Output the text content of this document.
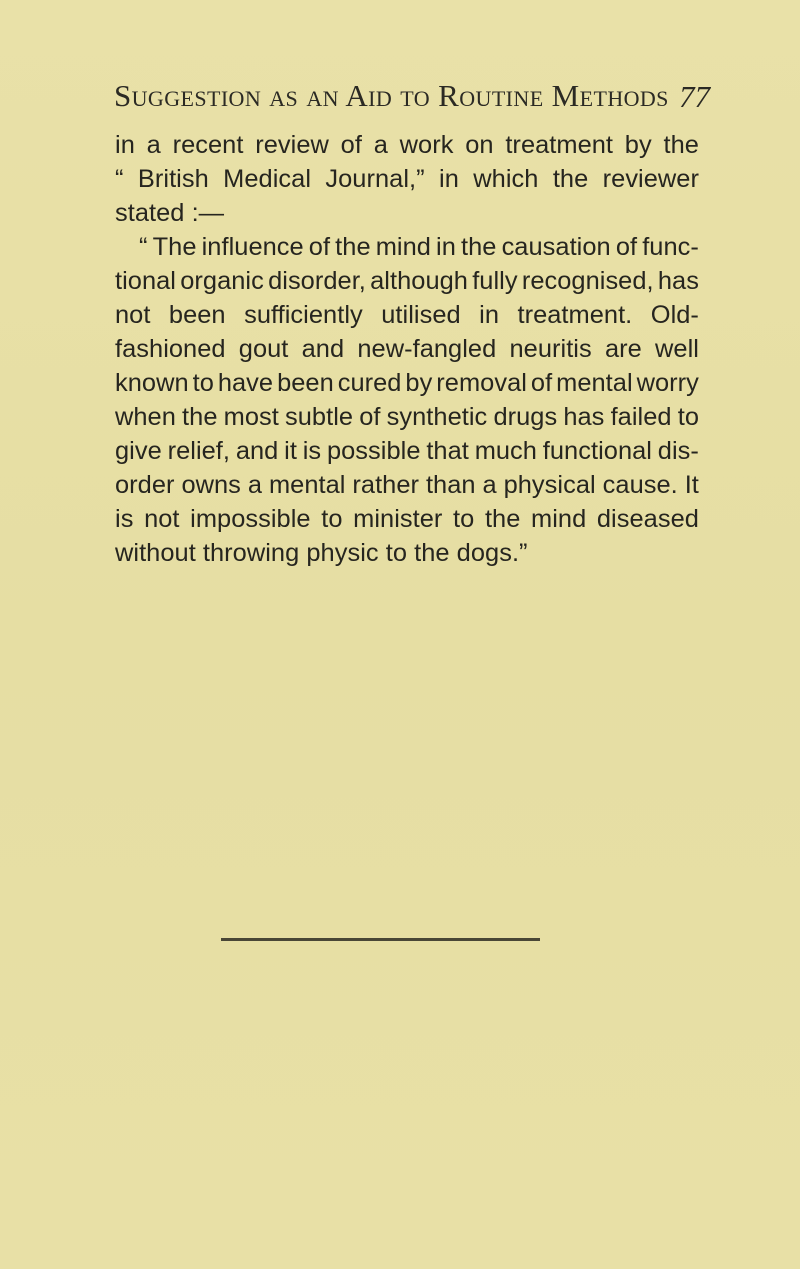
Suggestion as an Aid to Routine Methods 77
in a recent review of a work on treatment by the
“ British Medical Journal,” in which the reviewer
stated :—
“ The influence of the mind in the causation of func-
tional organic disorder, although fully recognised, has
not been sufficiently utilised in treatment. Old-
fashioned gout and new-fangled neuritis are well
known to have been cured by removal of mental worry
when the most subtle of synthetic drugs has failed to
give relief, and it is possible that much functional dis-
order owns a mental rather than a physical cause. It
is not impossible to minister to the mind diseased
without throwing physic to the dogs.”
